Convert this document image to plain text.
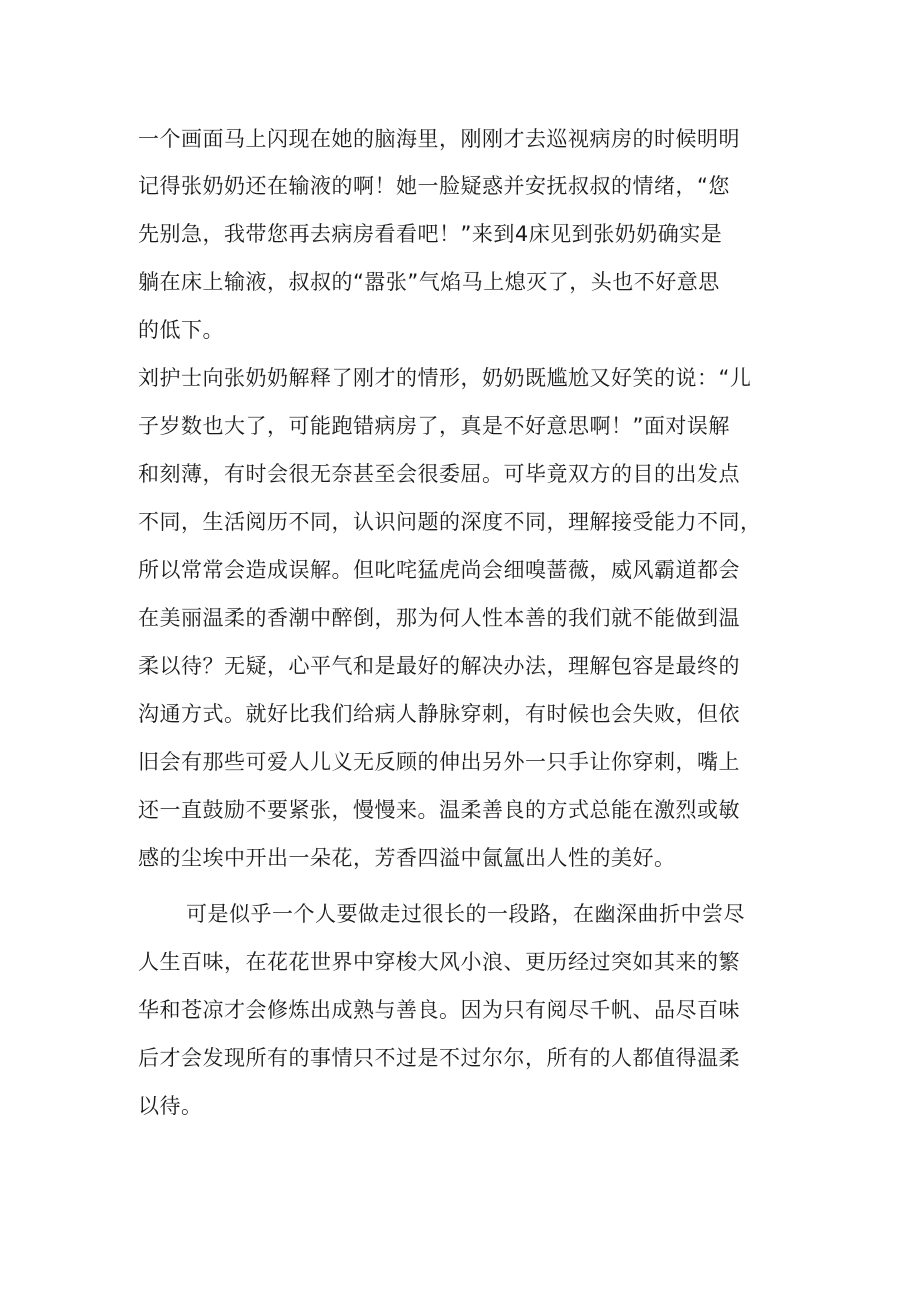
一个画面马上闪现在她的脑海里，刚刚才去巡视病房的时候明明

记得张奶奶还在输液的啊！她一脸疑惑并安抚叔叔的情绪，“您

先别急，我带您再去病房看看吧！”来到4床见到张奶奶确实是

躺在床上输液，叔叔的“嚣张”气焰马上熄灭了，头也不好意思

的低下。

刘护士向张奶奶解释了刚才的情形，奶奶既尴尬又好笑的说：“儿

子岁数也大了，可能跑错病房了，真是不好意思啊！”面对误解

和刻薄，有时会很无奈甚至会很委屈。可毕竟双方的目的出发点

不同，生活阅历不同，认识问题的深度不同，理解接受能力不同，

所以常常会造成误解。但叱咤猛虎尚会细嗅蔷薇，威风霸道都会

在美丽温柔的香潮中醉倒，那为何人性本善的我们就不能做到温

柔以待？无疑，心平气和是最好的解决办法，理解包容是最终的

沟通方式。就好比我们给病人静脉穿刺，有时候也会失败，但依

旧会有那些可爱人儿义无反顾的伸出另外一只手让你穿刺，嘴上

还一直鼓励不要紧张，慢慢来。温柔善良的方式总能在激烈或敏

感的尘埃中开出一朵花，芳香四溢中氤氲出人性的美好。

可是似乎一个人要做走过很长的一段路，在幽深曲折中尝尽

人生百味，在花花世界中穿梭大风小浪、更历经过突如其来的繁

华和苍凉才会修炼出成熟与善良。因为只有阅尽千帆、品尽百味

后才会发现所有的事情只不过是不过尔尔，所有的人都值得温柔

以待。
